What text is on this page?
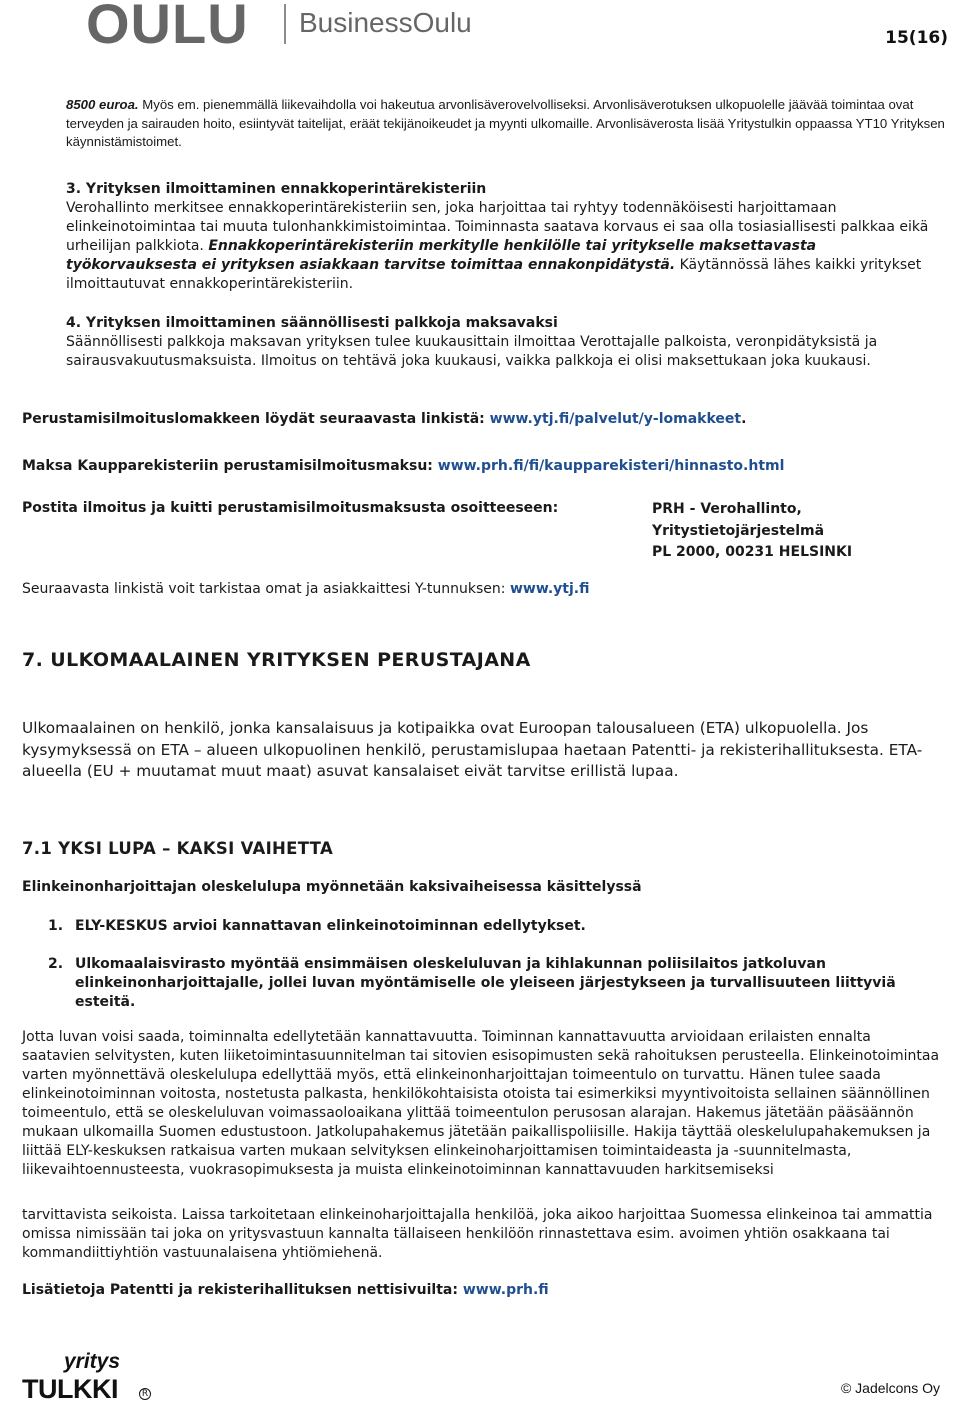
OULU BusinessOulu	15(16)

8500 euroa. Myös em. pienemmällä liikevaihdolla voi hakeutua arvonlisäverovelvolliseksi. Arvonlisäverotuksen ulkopuolelle jäävää toimintaa ovat terveyden ja sairauden hoito, esiintyvät taitelijat, eräät tekijänoikeudet ja myynti ulkomaille. Arvonlisäverosta lisää Yritystulkin oppaassa YT10 Yrityksen käynnistämistoimet.

3. Yrityksen ilmoittaminen ennakkoperintärekisteriin
Verohallinto merkitsee ennakkoperintärekisteriin sen, joka harjoittaa tai ryhtyy todennäköisesti harjoittamaan elinkeinotoimintaa tai muuta tulonhankkimistoimintaa. Toiminnasta saatava korvaus ei saa olla tosiasiallisesti palkkaa eikä urheilijan palkkiota. Ennakkoperintärekisteriin merkitylle henkilölle tai yritykselle maksettavasta työkorvauksesta ei yrityksen asiakkaan tarvitse toimittaa ennakonpidätystä. Käytännössä lähes kaikki yritykset ilmoittautuvat ennakkoperintärekisteriin.
4. Yrityksen ilmoittaminen säännöllisesti palkkoja maksavaksi
Säännöllisesti palkkoja maksavan yrityksen tulee kuukausittain ilmoittaa Verottajalle palkoista, veronpidätyksistä ja sairausvakuutusmaksuista. Ilmoitus on tehtävä joka kuukausi, vaikka palkkoja ei olisi maksettukaan joka kuukausi.

Perustamisilmoituslomakkeen löydät seuraavasta linkistä: www.ytj.fi/palvelut/y-lomakkeet.

Maksa Kaupparekisteriin perustamisilmoitusmaksu: www.prh.fi/fi/kaupparekisteri/hinnasto.html

Postita ilmoitus ja kuitti perustamisilmoitusmaksusta osoitteeseen:	PRH - Verohallinto,
Yritystietojärjestelmä
PL 2000, 00231 HELSINKI

Seuraavasta linkistä voit tarkistaa omat ja asiakkaittesi Y-tunnuksen: www.ytj.fi

7. ULKOMAALAINEN YRITYKSEN PERUSTAJANA

Ulkomaalainen on henkilö, jonka kansalaisuus ja kotipaikka ovat Euroopan talousalueen (ETA) ulkopuolella. Jos kysymyksessä on ETA – alueen ulkopuolinen henkilö, perustamislupaa haetaan Patentti- ja rekisterihallituksesta. ETA-alueella (EU + muutamat muut maat) asuvat kansalaiset eivät tarvitse erillistä lupaa.

7.1 YKSI LUPA – KAKSI VAIHETTA
Elinkeinonharjoittajan oleskelulupa myönnetään kaksivaiheisessa käsittelyssä
1. ELY-KESKUS arvioi kannattavan elinkeinotoiminnan edellytykset.
2. Ulkomaalaisvirasto myöntää ensimmäisen oleskeluluvan ja kihlakunnan poliisilaitos jatkoluvan elinkeinonharjoittajalle, jollei luvan myöntämiselle ole yleiseen järjestykseen ja turvallisuuteen liittyviä esteitä.

Jotta luvan voisi saada, toiminnalta edellytetään kannattavuutta. Toiminnan kannattavuutta arvioidaan erilaisten ennalta saatavien selvitysten, kuten liiketoimintasuunnitelman tai sitovien esisopimusten sekä rahoituksen perusteella. Elinkeinotoimintaa varten myönnettävä oleskelulupa edellyttää myös, että elinkeinonharjoittajan toimeentulo on turvattu. Hänen tulee saada elinkeinotoiminnan voitosta, nostetusta palkasta, henkilökohtaisista otoista tai esimerkiksi myyntivoitoista sellainen säännöllinen toimeentulo, että se oleskeluluvan voimassaoloaikana ylittää toimeentulon perusosan alarajan. Hakemus jätetään pääsäännön mukaan ulkomailla Suomen edustustoon. Jatkolupahakemus jätetään paikallispoliisille. Hakija täyttää oleskelulupahakemuksen ja liittää ELY-keskuksen ratkaisua varten mukaan selvityksen elinkeinoharjoittamisen toimintaideasta ja -suunnitelmasta, liikevaihtoennusteesta, vuokrasopimuksesta ja muista elinkeinotoiminnan kannattavuuden harkitsemiseksi

tarvittavista seikoista. Laissa tarkoitetaan elinkeinoharjoittajalla henkilöä, joka aikoo harjoittaa Suomessa elinkeinoa tai ammattia omissa nimissään tai joka on yritysvastuun kannalta tällaiseen henkilöön rinnastettava esim. avoimen yhtiön osakkaana tai kommandiittiyhtiön vastuunalaisena yhtiömiehenä.

Lisätietoja Patentti ja rekisterihallituksen nettisivuilta: www.prh.fi

yritys
TULKKI	R	© Jadelcons Oy
